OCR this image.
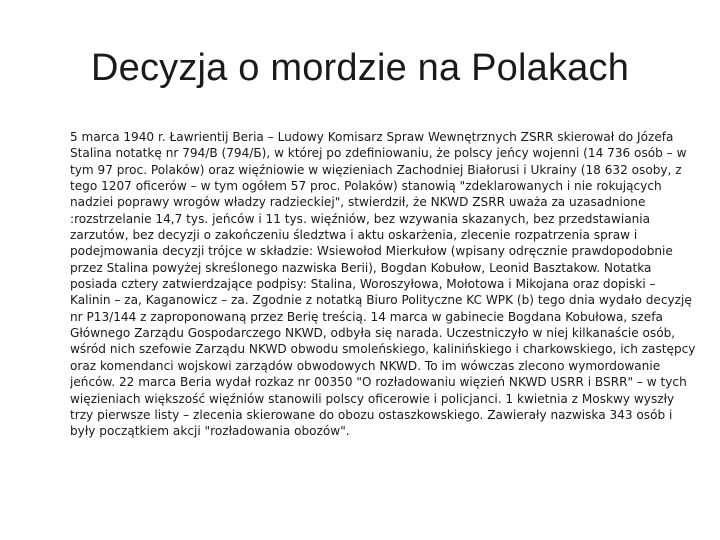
Decyzja o mordzie na Polakach

5 marca 1940 r. Ławrientij Beria – Ludowy Komisarz Spraw Wewnętrznych ZSRR skierował do Józefa Stalina notatkę nr 794/B (794/Б), w której po zdefiniowaniu, że polscy jeńcy wojenni (14 736 osób – w tym 97 proc. Polaków) oraz więźniowie w więzieniach Zachodniej Białorusi i Ukrainy (18 632 osoby, z tego 1207 oficerów – w tym ogółem 57 proc. Polaków) stanowią "zdeklarowanych i nie rokujących nadziei poprawy wrogów władzy radzieckiej", stwierdził, że NKWD ZSRR uważa za uzasadnione :rozstrzelanie 14,7 tys. jeńców i 11 tys. więźniów, bez wzywania skazanych, bez przedstawiania zarzutów, bez decyzji o zakończeniu śledztwa i aktu oskarżenia, zlecenie rozpatrzenia spraw i podejmowania decyzji trójce w składzie: Wsiewołod Mierkułow (wpisany odręcznie prawdopodobnie przez Stalina powyżej skreślonego nazwiska Berii), Bogdan Kobułow, Leonid Basztakow. Notatka posiada cztery zatwierdzające podpisy: Stalina, Woroszyłowa, Mołotowa i Mikojana oraz dopiski – Kalinin – za, Kaganowicz – za. Zgodnie z notatką Biuro Polityczne KC WPK (b) tego dnia wydało decyzję nr P13/144 z zaproponowaną przez Berię treścią. 14 marca w gabinecie Bogdana Kobułowa, szefa Głównego Zarządu Gospodarczego NKWD, odbyła się narada. Uczestniczyło w niej kilkanaście osób, wśród nich szefowie Zarządu NKWD obwodu smoleńskiego, kalinińskiego i charkowskiego, ich zastępcy oraz komendanci wojskowi zarządów obwodowych NKWD. To im wówczas zlecono wymordowanie jeńców. 22 marca Beria wydał rozkaz nr 00350 "O rozładowaniu więzień NKWD USRR i BSRR" – w tych więzieniach większość więźniów stanowili polscy oficerowie i policjanci. 1 kwietnia z Moskwy wyszły trzy pierwsze listy – zlecenia skierowane do obozu ostaszkowskiego. Zawierały nazwiska 343 osób i były początkiem akcji "rozładowania obozów".
